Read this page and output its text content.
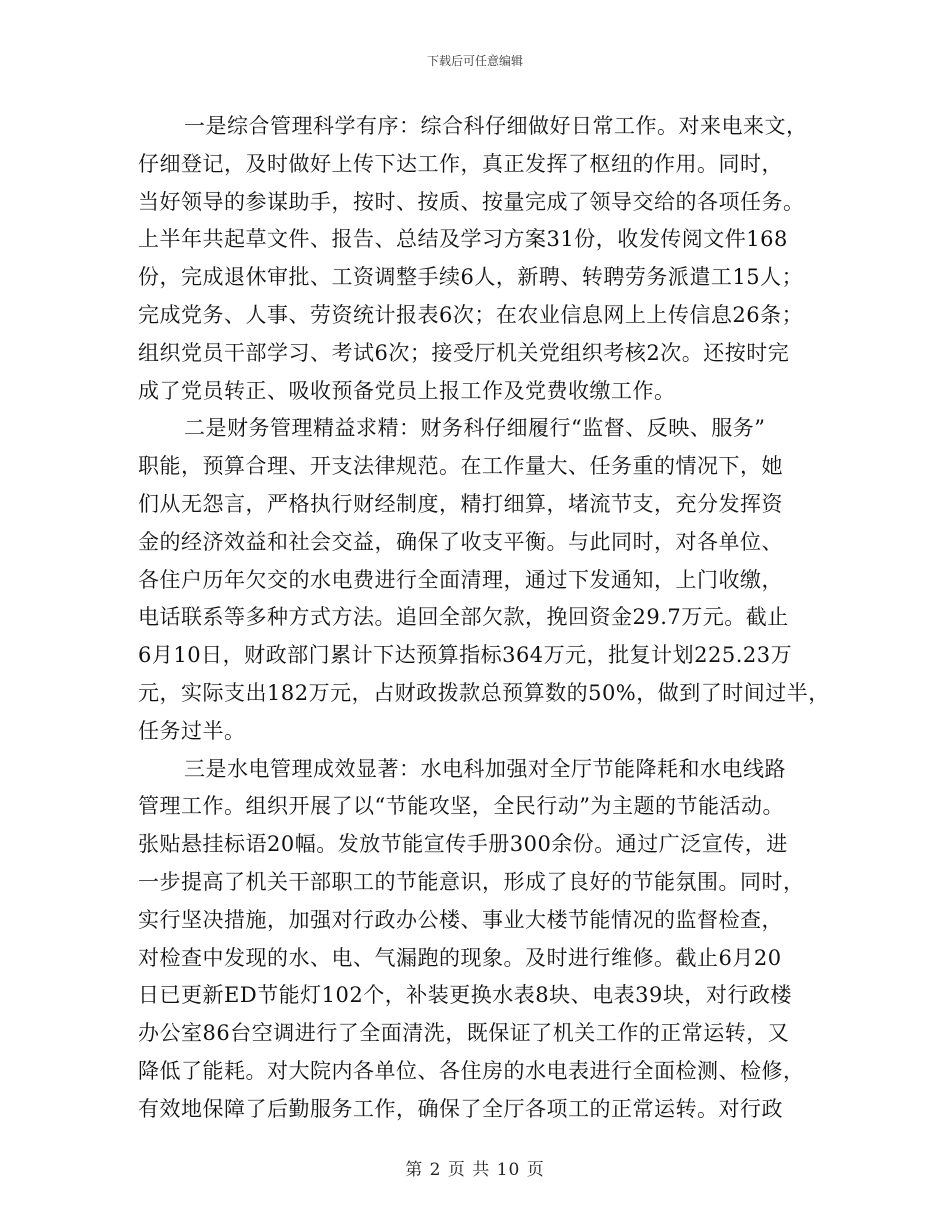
下载后可任意编辑
一是综合管理科学有序：综合科仔细做好日常工作。对来电来文，
仔细登记，及时做好上传下达工作，真正发挥了枢纽的作用。同时，
当好领导的参谋助手，按时、按质、按量完成了领导交给的各项任务。
上半年共起草文件、报告、总结及学习方案31份，收发传阅文件168
份，完成退休审批、工资调整手续6人，新聘、转聘劳务派遣工15人；
完成党务、人事、劳资统计报表6次；在农业信息网上上传信息26条；
组织党员干部学习、考试6次；接受厅机关党组织考核2次。还按时完
成了党员转正、吸收预备党员上报工作及党费收缴工作。
二是财务管理精益求精：财务科仔细履行“监督、反映、服务”
职能，预算合理、开支法律规范。在工作量大、任务重的情况下，她
们从无怨言，严格执行财经制度，精打细算，堵流节支，充分发挥资
金的经济效益和社会交益，确保了收支平衡。与此同时，对各单位、
各住户历年欠交的水电费进行全面清理，通过下发通知，上门收缴，
电话联系等多种方式方法。追回全部欠款，挽回资金29.7万元。截止
6月10日，财政部门累计下达预算指标364万元，批复计划225.23万
元，实际支出182万元，占财政拨款总预算数的50%，做到了时间过半，
任务过半。
三是水电管理成效显著：水电科加强对全厅节能降耗和水电线路
管理工作。组织开展了以“节能攻坚，全民行动”为主题的节能活动。
张贴悬挂标语20幅。发放节能宣传手册300余份。通过广泛宣传，进
一步提高了机关干部职工的节能意识，形成了良好的节能氛围。同时，
实行坚决措施，加强对行政办公楼、事业大楼节能情况的监督检查，
对检查中发现的水、电、气漏跑的现象。及时进行维修。截止6月20
日已更新ED节能灯102个，补装更换水表8块、电表39块，对行政楼
办公室86台空调进行了全面清洗，既保证了机关工作的正常运转，又
降低了能耗。对大院内各单位、各住房的水电表进行全面检测、检修，
有效地保障了后勤服务工作，确保了全厅各项工的正常运转。对行政
第 2 页 共 10 页
